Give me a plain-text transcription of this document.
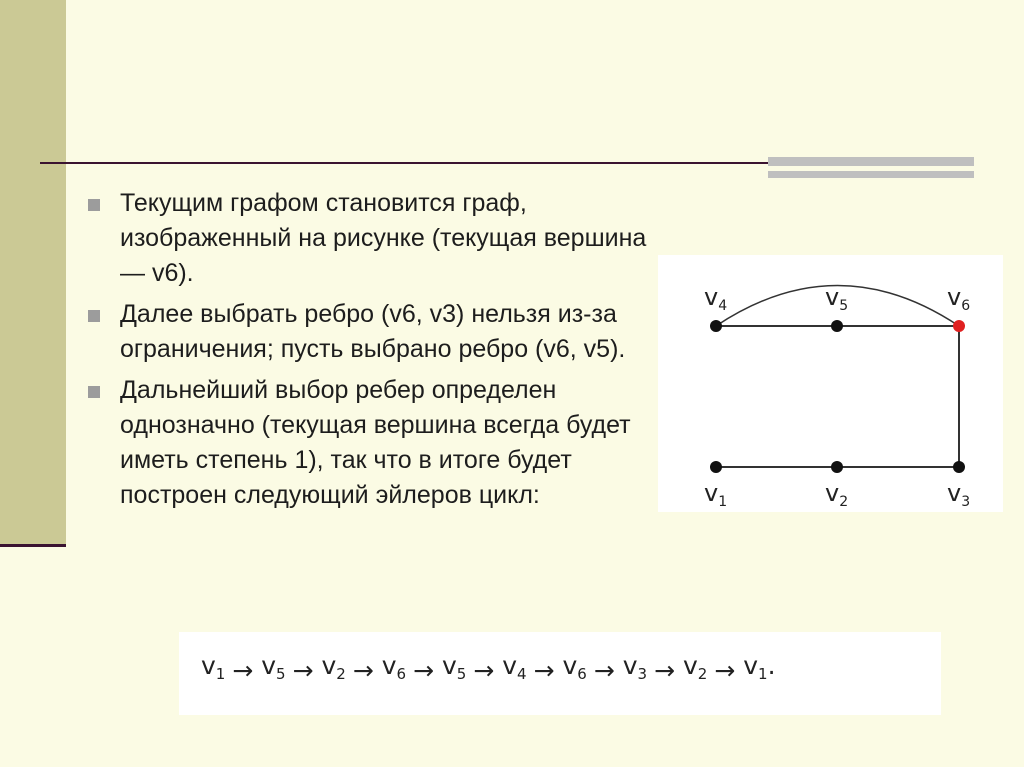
Текущим графом становится граф, изображенный на рисунке (текущая вершина — v6).
Далее выбрать ребро (v6, v3) нельзя из-за ограничения; пусть выбрано ребро (v6, v5).
Дальнейший выбор ребер определен однозначно (текущая вершина всегда будет иметь степень 1), так что в итоге будет построен следующий эйлеров цикл:
$v_4$	$v_5$	$v_6$
$v_1$	$v_2$	$v_3$
$v_1 \to v_5 \to v_2 \to v_6 \to v_5 \to v_4 \to v_6 \to v_3 \to v_2 \to v_1$.
